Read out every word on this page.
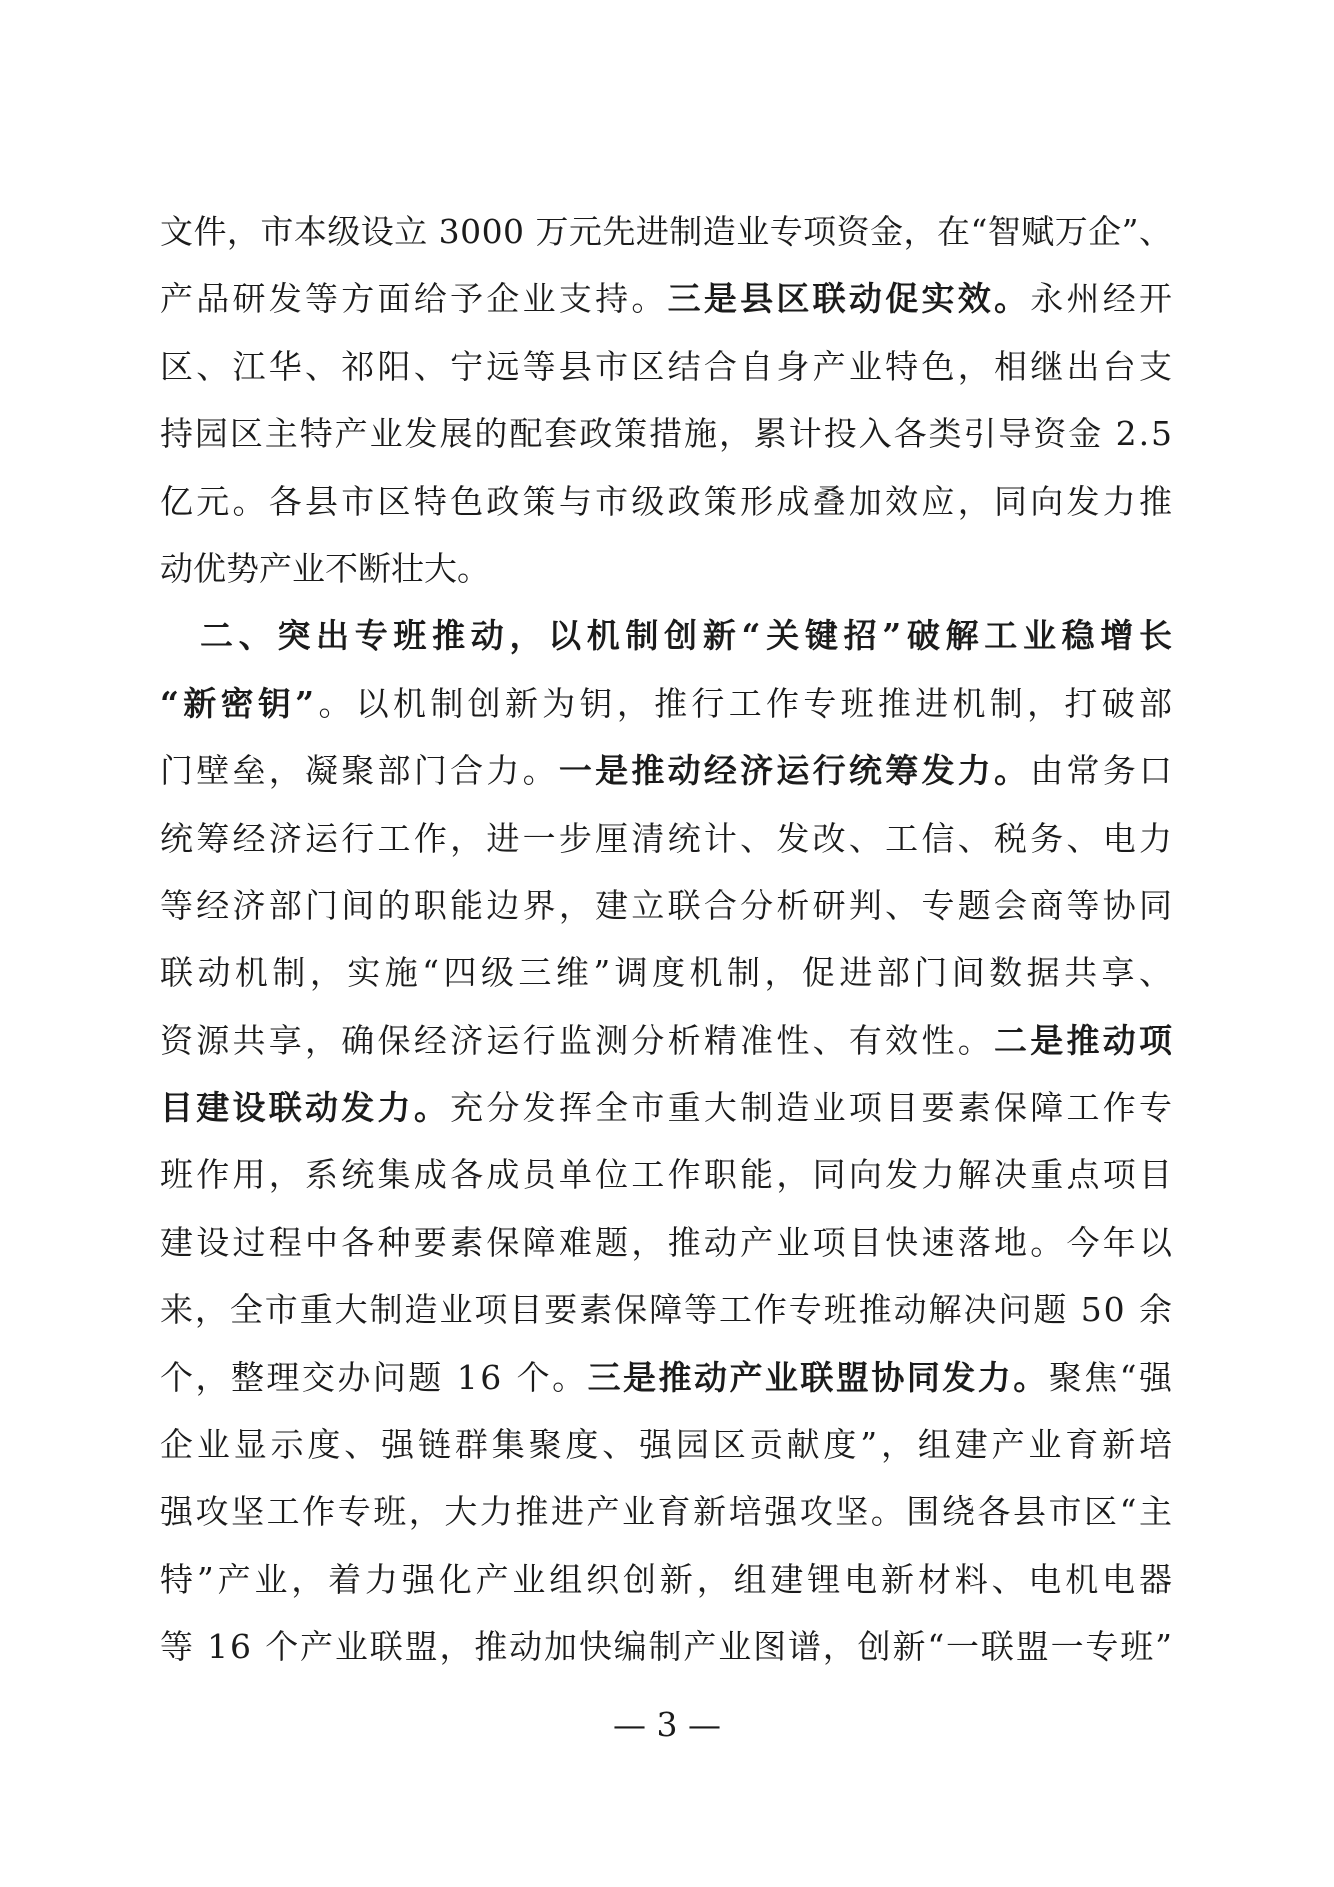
文件，市本级设立 3000 万元先进制造业专项资金，在“智赋万企”、
产品研发等方面给予企业支持。三是县区联动促实效。永州经开
区、江华、祁阳、宁远等县市区结合自身产业特色，相继出台支
持园区主特产业发展的配套政策措施，累计投入各类引导资金 2.5
亿元。各县市区特色政策与市级政策形成叠加效应，同向发力推
动优势产业不断壮大。
二、突出专班推动，以机制创新“关键招”破解工业稳增长
“新密钥”。以机制创新为钥，推行工作专班推进机制，打破部
门壁垒，凝聚部门合力。一是推动经济运行统筹发力。由常务口
统筹经济运行工作，进一步厘清统计、发改、工信、税务、电力
等经济部门间的职能边界，建立联合分析研判、专题会商等协同
联动机制，实施“四级三维”调度机制，促进部门间数据共享、
资源共享，确保经济运行监测分析精准性、有效性。二是推动项
目建设联动发力。充分发挥全市重大制造业项目要素保障工作专
班作用，系统集成各成员单位工作职能，同向发力解决重点项目
建设过程中各种要素保障难题，推动产业项目快速落地。今年以
来，全市重大制造业项目要素保障等工作专班推动解决问题 50 余
个，整理交办问题 16 个。三是推动产业联盟协同发力。聚焦“强
企业显示度、强链群集聚度、强园区贡献度”，组建产业育新培
强攻坚工作专班，大力推进产业育新培强攻坚。围绕各县市区“主
特”产业，着力强化产业组织创新，组建锂电新材料、电机电器
等 16 个产业联盟，推动加快编制产业图谱，创新“一联盟一专班”
— 3 —
